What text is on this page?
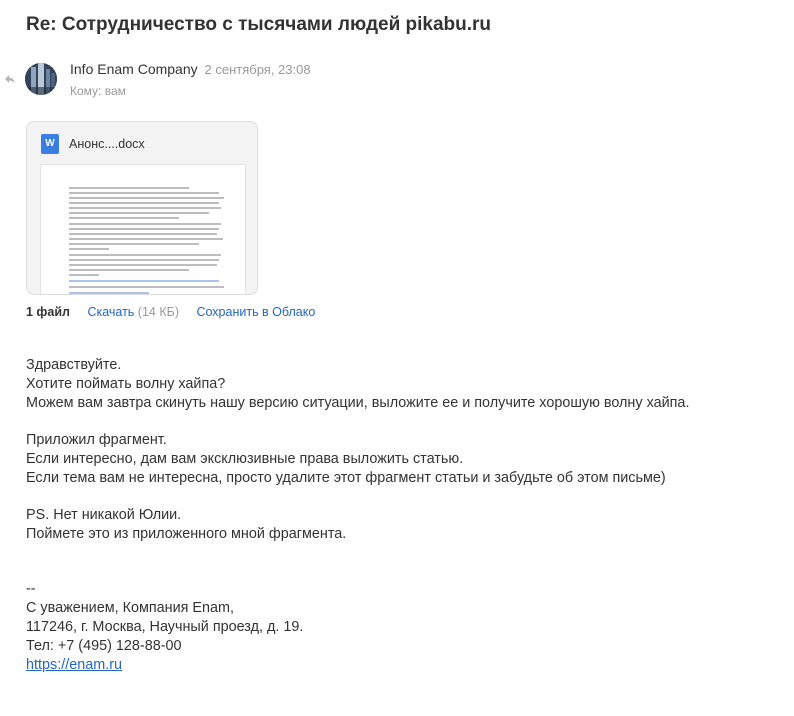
Re: Сотрудничество с тысячами людей pikabu.ru
Info Enam Company 2 сентября, 23:08
Кому: вам
W	Анонс....docx
1 файл Скачать (14 КБ) Сохранить в Облако
Здравствуйте.
Хотите поймать волну хайпа?
Можем вам завтра скинуть нашу версию ситуации, выложите ее и получите хорошую волну хайпа.
Приложил фрагмент.
Если интересно, дам вам эксклюзивные права выложить статью.
Если тема вам не интересна, просто удалите этот фрагмент статьи и забудьте об этом письме)
PS. Нет никакой Юлии.
Поймете это из приложенного мной фрагмента.
--
С уважением, Компания Enam,
117246, г. Москва, Научный проезд, д. 19.
Тел: +7 (495) 128-88-00
https://enam.ru
